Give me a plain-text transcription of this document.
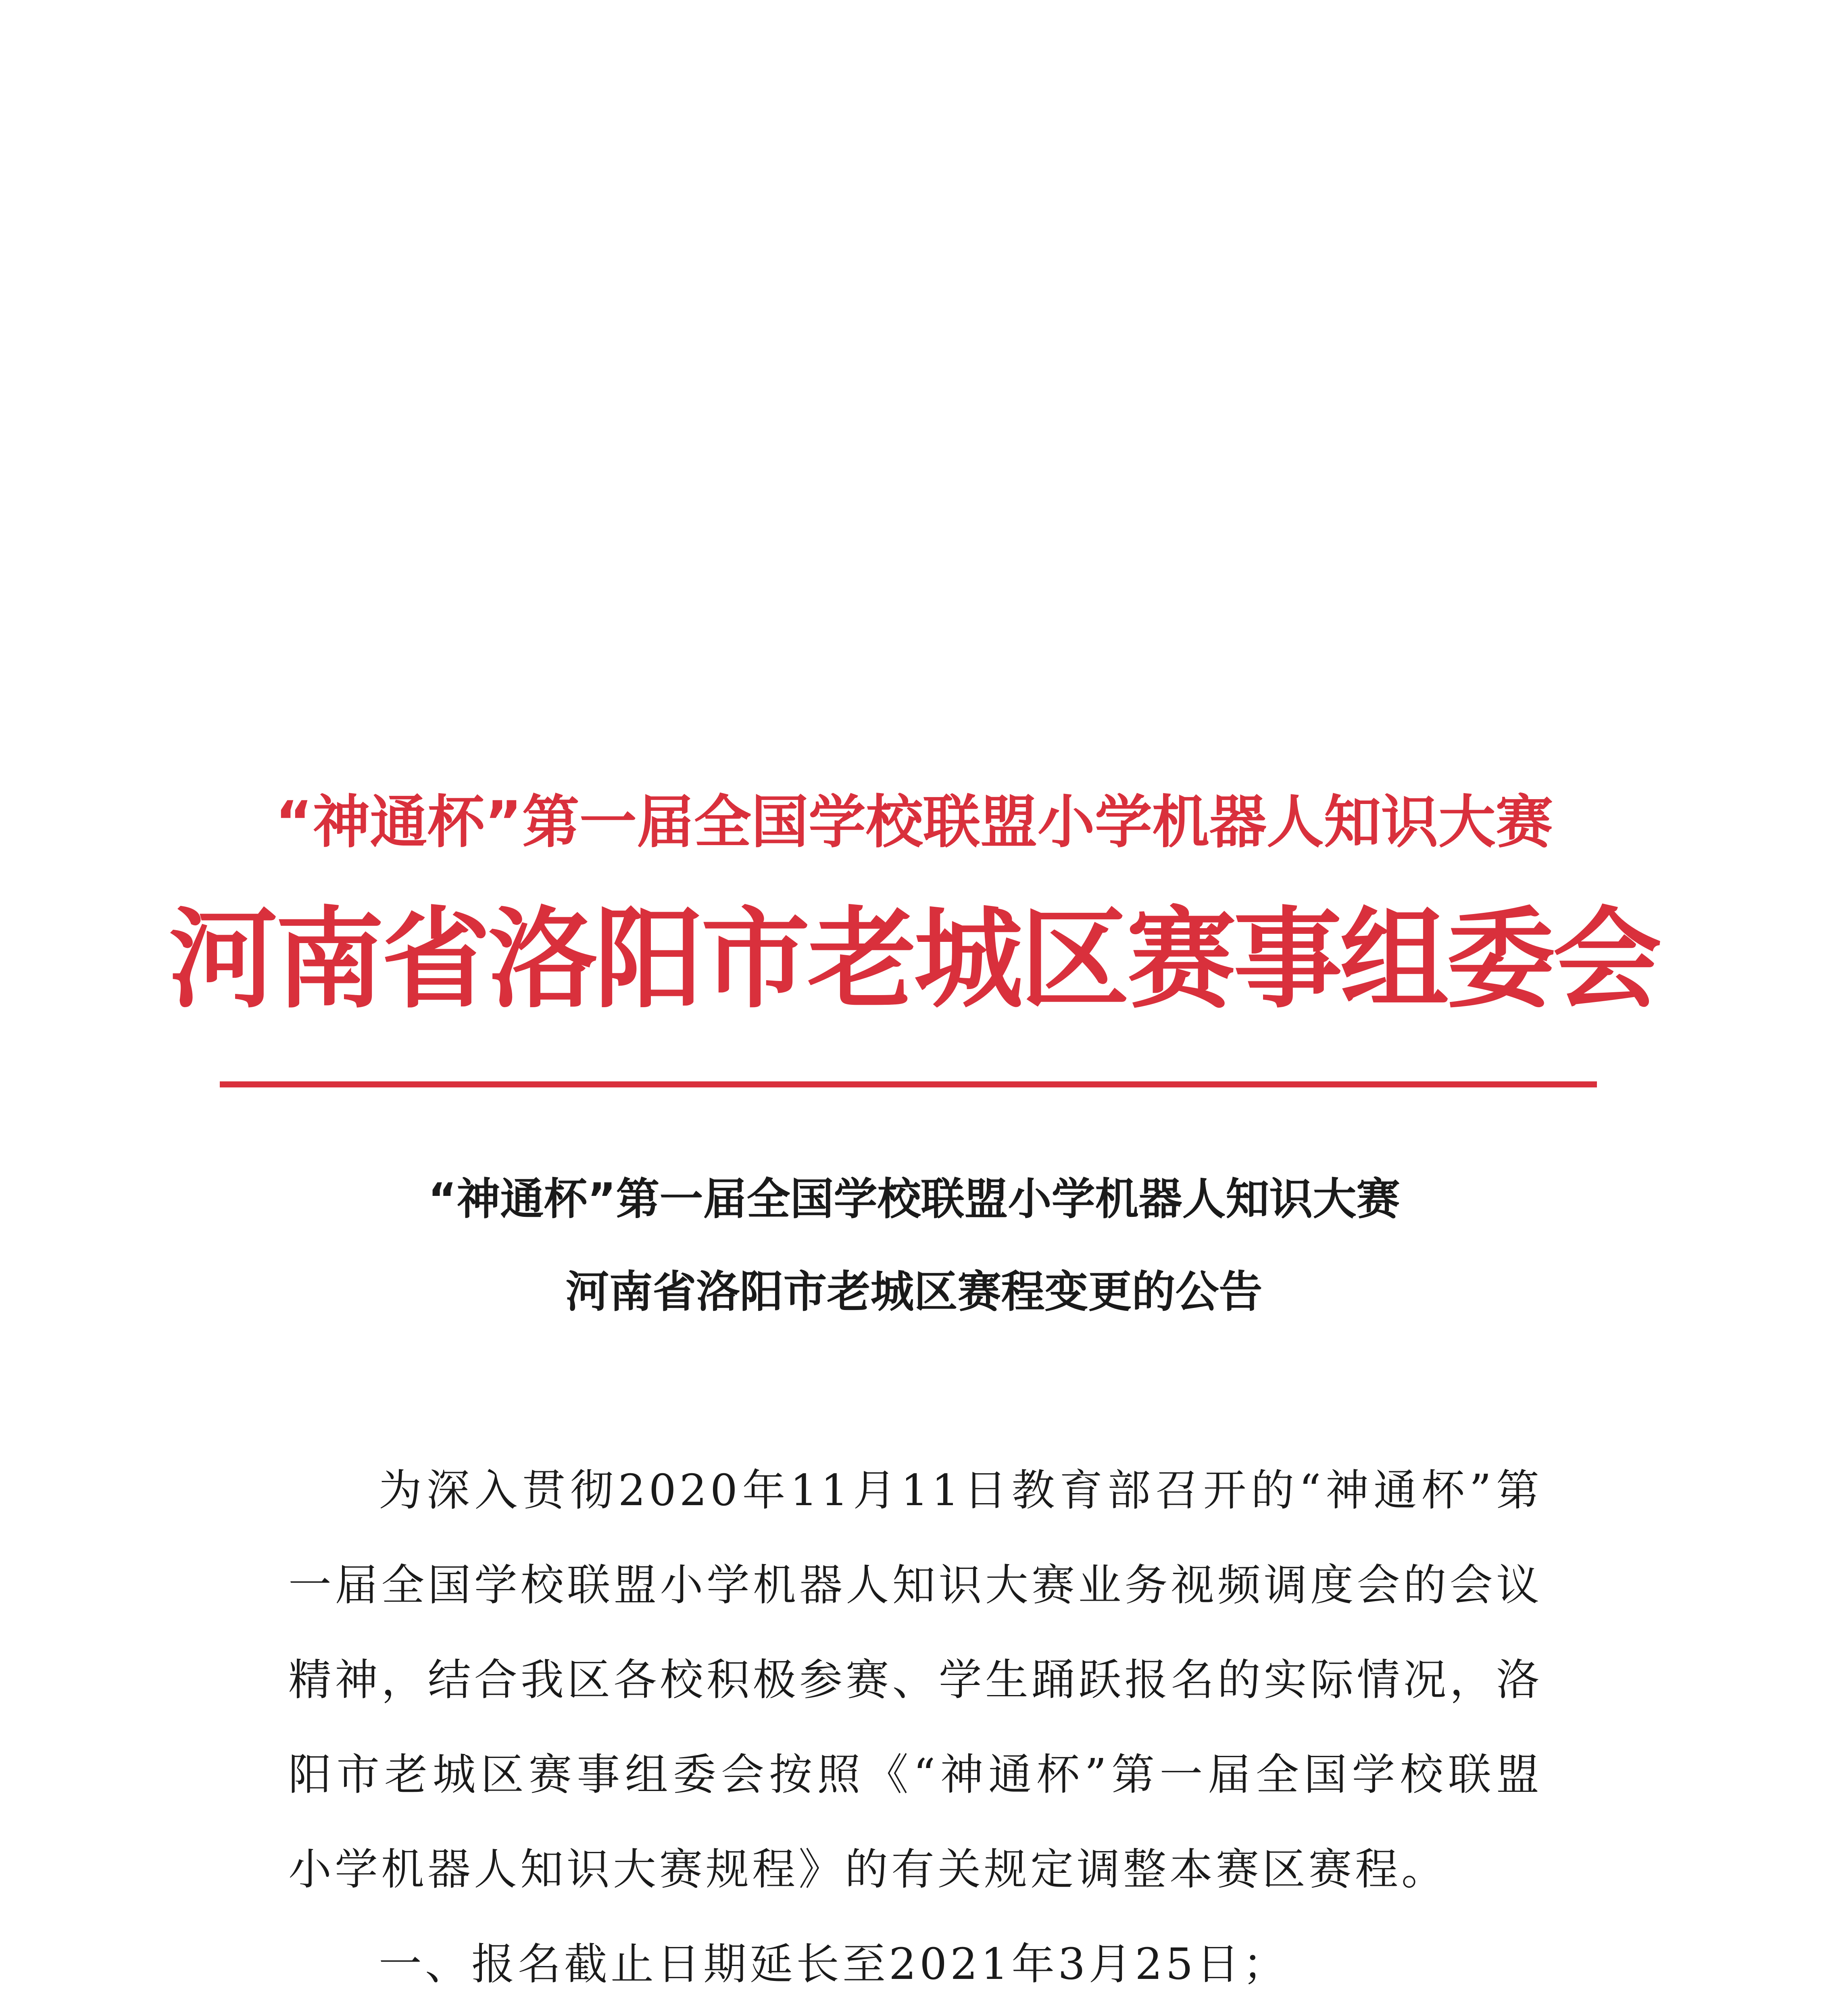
“神通杯”第一届全国学校联盟小学机器人知识大赛
河南省洛阳市老城区赛事组委会
“神通杯”第一届全国学校联盟小学机器人知识大赛
河南省洛阳市老城区赛程变更的公告

为深入贯彻2020年11月11日教育部召开的“神通杯”第一届全国学校联盟小学机器人知识大赛业务视频调度会的会议精神，结合我区各校积极参赛、学生踊跃报名的实际情况，洛阳市老城区赛事组委会按照《“神通杯”第一届全国学校联盟小学机器人知识大赛规程》的有关规定调整本赛区赛程。

一、报名截止日期延长至2021年3月25日；
